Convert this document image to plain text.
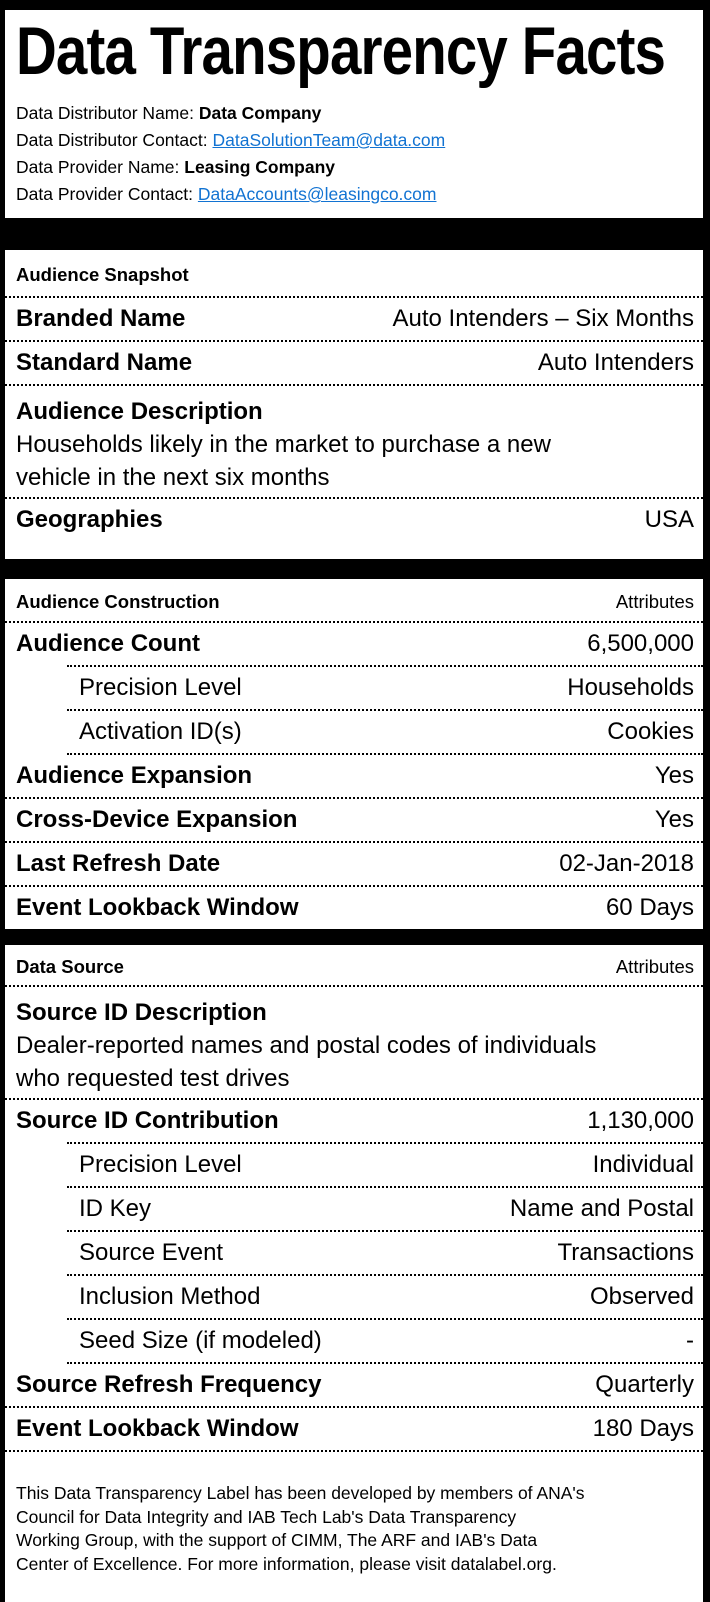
Data Transparency Facts
Data Distributor Name: Data Company
Data Distributor Contact: DataSolutionTeam@data.com
Data Provider Name: Leasing Company
Data Provider Contact: DataAccounts@leasingco.com
Audience Snapshot
Branded Name	Auto Intenders – Six Months
Standard Name	Auto Intenders
Audience Description
Households likely in the market to purchase a new
vehicle in the next six months
Geographies	USA
Audience Construction	Attributes
Audience Count	6,500,000
Precision Level	Households
Activation ID(s)	Cookies
Audience Expansion	Yes
Cross-Device Expansion	Yes
Last Refresh Date	02-Jan-2018
Event Lookback Window	60 Days
Data Source	Attributes
Source ID Description
Dealer-reported names and postal codes of individuals
who requested test drives
Source ID Contribution	1,130,000
Precision Level	Individual
ID Key	Name and Postal
Source Event	Transactions
Inclusion Method	Observed
Seed Size (if modeled)	-
Source Refresh Frequency	Quarterly
Event Lookback Window	180 Days
This Data Transparency Label has been developed by members of ANA's
Council for Data Integrity and IAB Tech Lab's Data Transparency
Working Group, with the support of CIMM, The ARF and IAB's Data
Center of Excellence. For more information, please visit datalabel.org.
